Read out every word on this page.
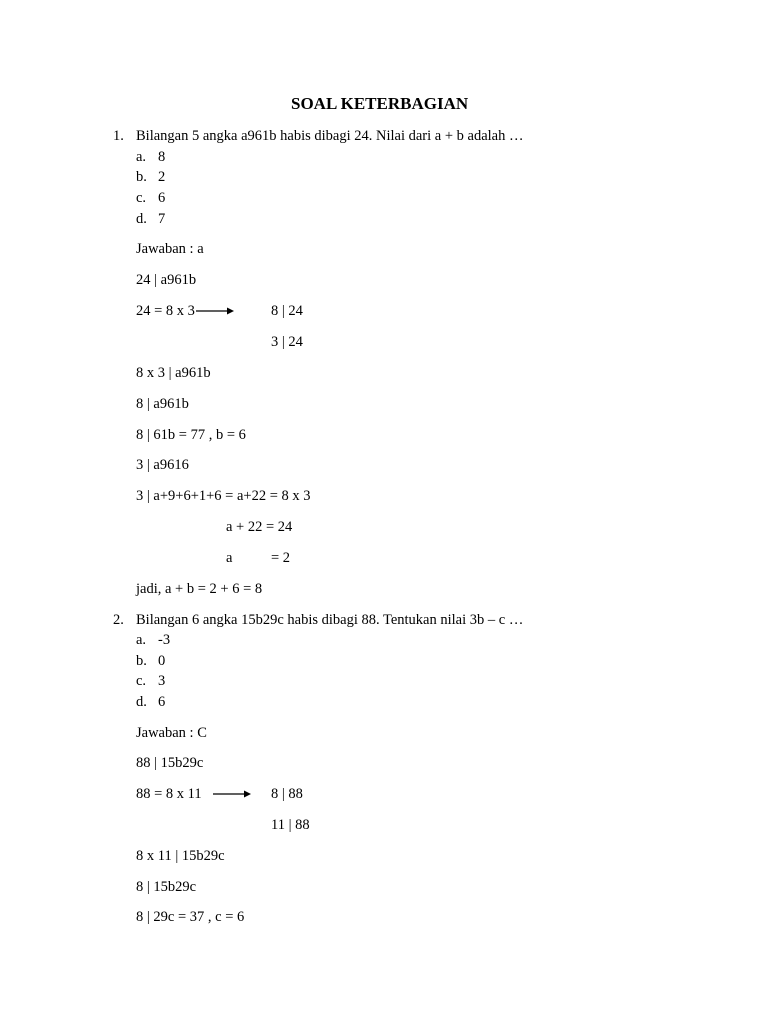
SOAL KETERBAGIAN
1. Bilangan 5 angka a961b habis dibagi 24. Nilai dari a + b adalah …
a. 8
b. 2
c. 6
d. 7
Jawaban : a
24 | a961b
24 = 8 x 3	8 | 24
3 | 24
8 x 3 | a961b
8 | a961b
8 | 61b = 77 , b = 6
3 | a9616
3 | a+9+6+1+6 = a+22 = 8 x 3
a + 22 = 24
a	= 2
jadi, a + b = 2 + 6 = 8
2. Bilangan 6 angka 15b29c habis dibagi 88. Tentukan nilai 3b – c …
a. -3
b. 0
c. 3
d. 6
Jawaban : C
88 | 15b29c
88 = 8 x 11	8 | 88
11 | 88
8 x 11 | 15b29c
8 | 15b29c
8 | 29c = 37 , c = 6
